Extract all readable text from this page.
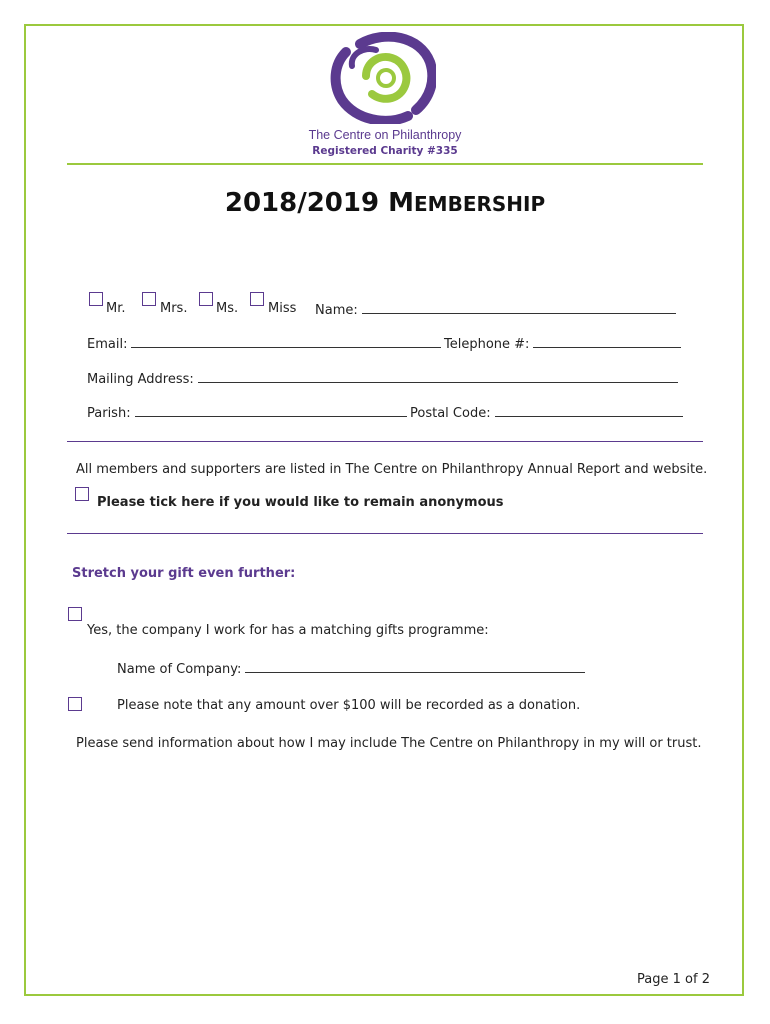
The Centre on Philanthropy
Registered Charity #335
2018/2019 MEMBERSHIP
Mr.	Mrs. Ms. Miss Name:
Email:	Telephone #:
Mailing Address:
Parish:	Postal Code:
All members and supporters are listed in The Centre on Philanthropy Annual Report and website.
Please tick here if you would like to remain anonymous
Stretch your gift even further:
Yes, the company I work for has a matching gifts programme:
Name of Company:
Please note that any amount over $100 will be recorded as a donation.
Please send information about how I may include The Centre on Philanthropy in my will or trust.
Page 1 of 2
